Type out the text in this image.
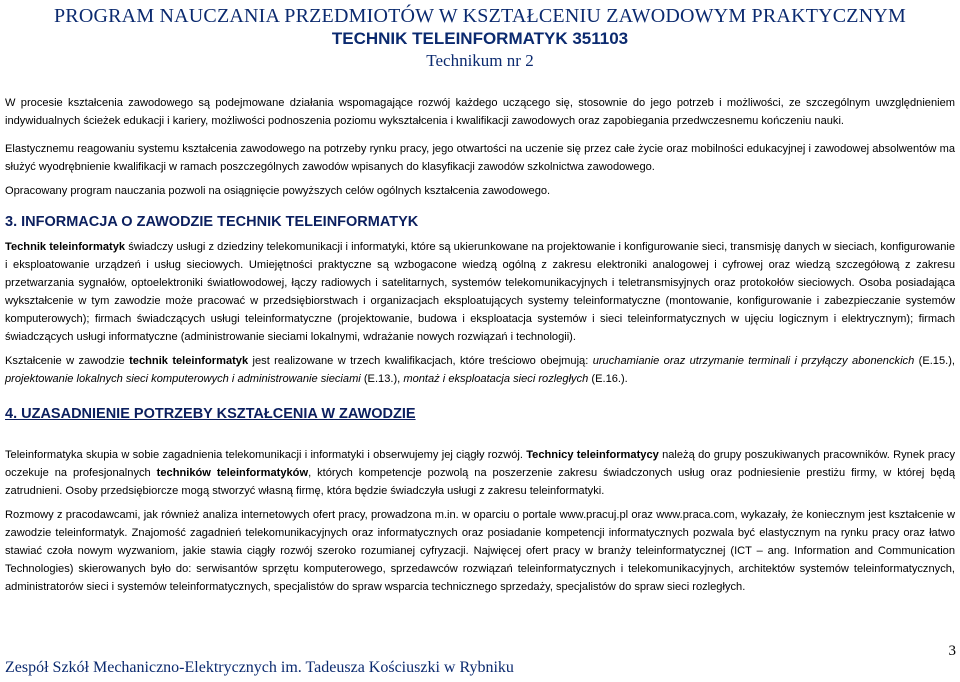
PROGRAM NAUCZANIA PRZEDMIOTÓW W KSZTAŁCENIU ZAWODOWYM PRAKTYCZNYM
TECHNIK TELEINFORMATYK 351103
Technikum nr 2

W procesie kształcenia zawodowego są podejmowane działania wspomagające rozwój każdego uczącego się, stosownie do jego potrzeb i możliwości, ze szczególnym uwzględnieniem indywidualnych ścieżek edukacji i kariery, możliwości podnoszenia poziomu wykształcenia i kwalifikacji zawodowych oraz zapobiegania przedwczesnemu kończeniu nauki.

Elastycznemu reagowaniu systemu kształcenia zawodowego na potrzeby rynku pracy, jego otwartości na uczenie się przez całe życie oraz mobilności edukacyjnej i zawodowej absolwentów ma służyć wyodrębnienie kwalifikacji w ramach poszczególnych zawodów wpisanych do klasyfikacji zawodów szkolnictwa zawodowego.

Opracowany program nauczania pozwoli na osiągnięcie powyższych celów ogólnych kształcenia zawodowego.

3. INFORMACJA O ZAWODZIE TECHNIK TELEINFORMATYK

Technik teleinformatyk świadczy usługi z dziedziny telekomunikacji i informatyki, które są ukierunkowane na projektowanie i konfigurowanie sieci, transmisję danych w sieciach, konfigurowanie i eksploatowanie urządzeń i usług sieciowych. Umiejętności praktyczne są wzbogacone wiedzą ogólną z zakresu elektroniki analogowej i cyfrowej oraz wiedzą szczegółową z zakresu przetwarzania sygnałów, optoelektroniki światłowodowej, łączy radiowych i satelitarnych, systemów telekomunikacyjnych i teletransmisyjnych oraz protokołów sieciowych. Osoba posiadająca wykształcenie w tym zawodzie może pracować w przedsiębiorstwach i organizacjach eksploatujących systemy teleinformatyczne (montowanie, konfigurowanie i zabezpieczanie systemów komputerowych); firmach świadczących usługi teleinformatyczne (projektowanie, budowa i eksploatacja systemów i sieci teleinformatycznych w ujęciu logicznym i elektrycznym); firmach świadczących usługi informatyczne (administrowanie sieciami lokalnymi, wdrażanie nowych rozwiązań i technologii).

Kształcenie w zawodzie technik teleinformatyk jest realizowane w trzech kwalifikacjach, które treściowo obejmują: uruchamianie oraz utrzymanie terminali i przyłączy abonenckich (E.15.), projektowanie lokalnych sieci komputerowych i administrowanie sieciami (E.13.), montaż i eksploatacja sieci rozległych (E.16.).

4. UZASADNIENIE POTRZEBY KSZTAŁCENIA W ZAWODZIE

Teleinformatyka skupia w sobie zagadnienia telekomunikacji i informatyki i obserwujemy jej ciągły rozwój. Technicy teleinformatycy należą do grupy poszukiwanych pracowników. Rynek pracy oczekuje na profesjonalnych techników teleinformatyków, których kompetencje pozwolą na poszerzenie zakresu świadczonych usług oraz podniesienie prestiżu firmy, w której będą zatrudnieni. Osoby przedsiębiorcze mogą stworzyć własną firmę, która będzie świadczyła usługi z zakresu teleinformatyki.

Rozmowy z pracodawcami, jak również analiza internetowych ofert pracy, prowadzona m.in. w oparciu o portale www.pracuj.pl oraz www.praca.com, wykazały, że koniecznym jest kształcenie w zawodzie teleinformatyk. Znajomość zagadnień telekomunikacyjnych oraz informatycznych oraz posiadanie kompetencji informatycznych pozwala być elastycznym na rynku pracy oraz łatwo stawiać czoła nowym wyzwaniom, jakie stawia ciągły rozwój szeroko rozumianej cyfryzacji. Najwięcej ofert pracy w branży teleinformatycznej (ICT – ang. Information and Communication Technologies) skierowanych było do: serwisantów sprzętu komputerowego, sprzedawców rozwiązań teleinformatycznych i telekomunikacyjnych, architektów systemów teleinformatycznych, administratorów sieci i systemów teleinformatycznych, specjalistów do spraw wsparcia technicznego sprzedaży, specjalistów do spraw sieci rozległych.

3
Zespół Szkół Mechaniczno-Elektrycznych im. Tadeusza Kościuszki w Rybniku
